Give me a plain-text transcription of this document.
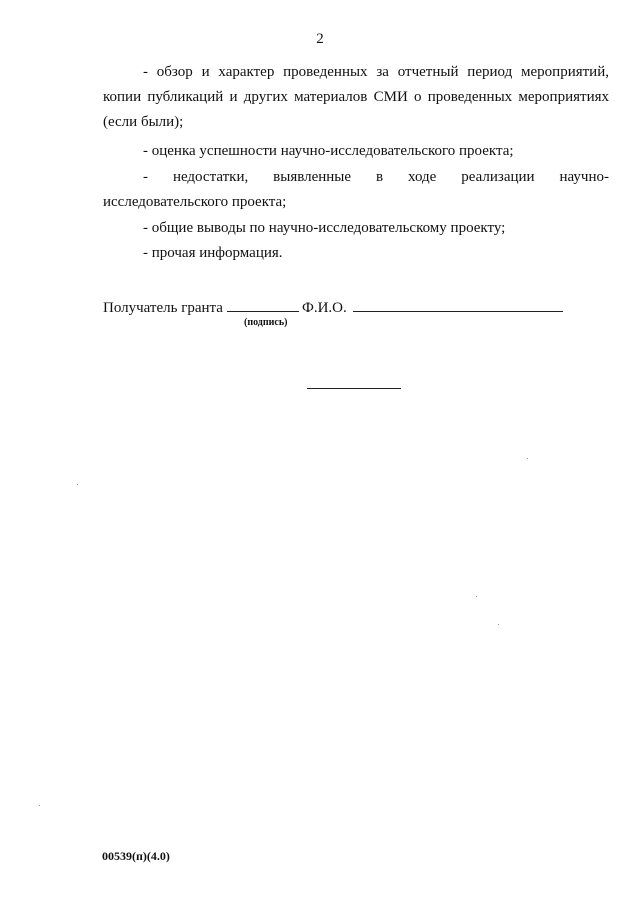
2

- обзор и характер проведенных за отчетный период мероприятий, копии публикаций и других материалов СМИ о проведенных мероприятиях (если были);

- оценка успешности научно-исследовательского проекта;

- недостатки, выявленные в ходе реализации научно-
исследовательского проекта;

- общие выводы по научно-исследовательскому проекту;

- прочая информация.

Получатель гранта	Ф.И.О.
(подпись)
00539(п)(4.0)
